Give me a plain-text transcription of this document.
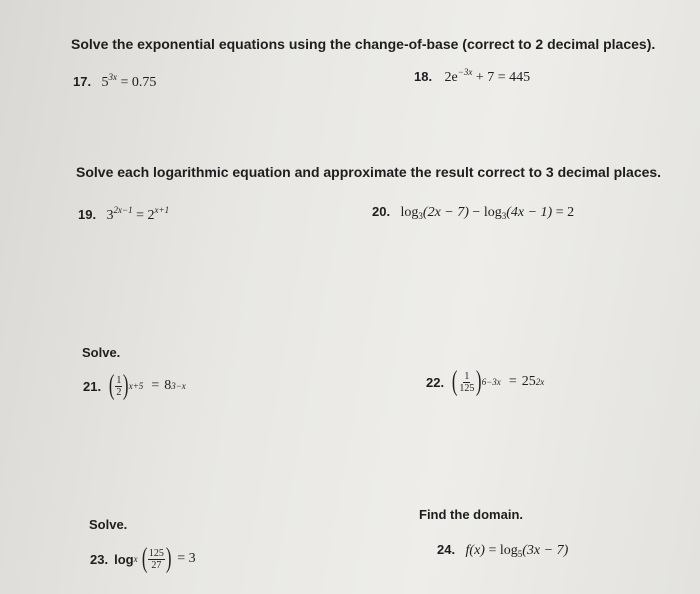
Solve the exponential equations using the change-of-base (correct to 2 decimal places).
17. $5^{3x} = 0.75$	18. $2e^{-3x} + 7 = 445$
Solve each logarithmic equation and approximate the result correct to 3 decimal places.
19. $3^{2x-1} = 2^{x+1}$	20. $\log_3(2x - 7) - \log_3(4x - 1) = 2$
Solve.
21. ( $\frac{1}{2}$ ) x+5 = 8 3−x	22. ( $\frac{1}{125}$ ) 6−3x = 25 2x
Solve.
Find the domain.
23. log x ( $\frac{125}{27}$ ) = 3
24. $f(x) = \log_5(3x - 7)$
